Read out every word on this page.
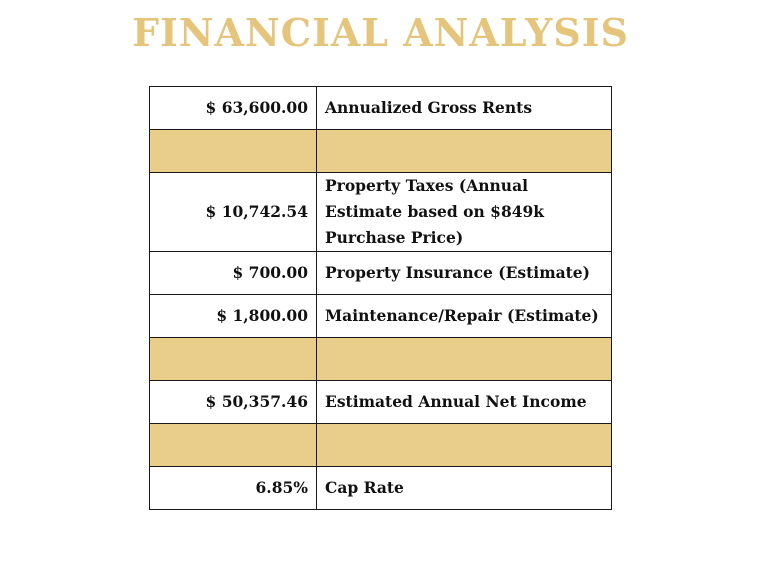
FINANCIAL ANALYSIS
$ 63,600.00	Annualized Gross Rents

$ 10,742.54	Property Taxes (Annual Estimate based on $849k Purchase Price)
$ 700.00	Property Insurance (Estimate)
$ 1,800.00	Maintenance/Repair (Estimate)

$ 50,357.46	Estimated Annual Net Income

6.85%	Cap Rate
